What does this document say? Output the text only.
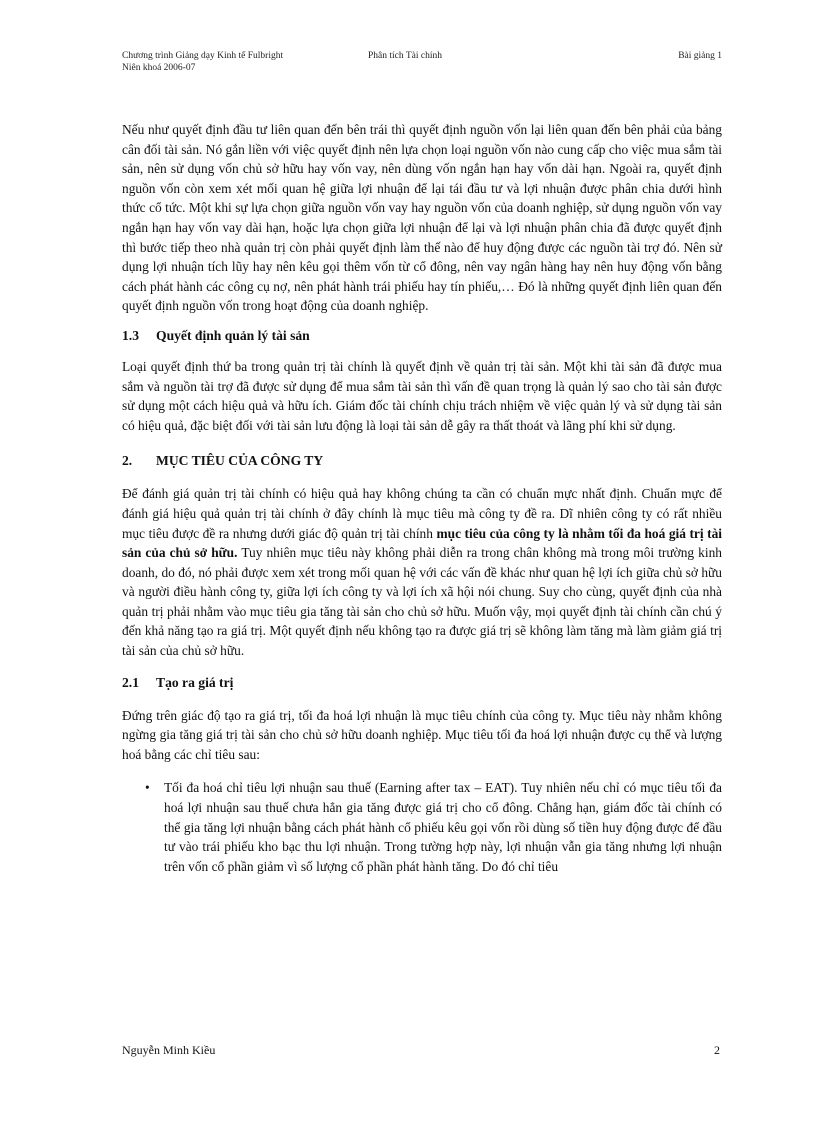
Chương trình Giảng dạy Kinh tế Fulbright	Phân tích Tài chính	Bài giảng 1
Niên khoá 2006-07

Nếu như quyết định đầu tư liên quan đến bên trái thì quyết định nguồn vốn lại liên quan đến bên phải của bảng cân đối tài sản. Nó gắn liền với việc quyết định nên lựa chọn loại nguồn vốn nào cung cấp cho việc mua sắm tài sản, nên sử dụng vốn chủ sở hữu hay vốn vay, nên dùng vốn ngắn hạn hay vốn dài hạn. Ngoài ra, quyết định nguồn vốn còn xem xét mối quan hệ giữa lợi nhuận để lại tái đầu tư và lợi nhuận được phân chia dưới hình thức cổ tức. Một khi sự lựa chọn giữa nguồn vốn vay hay nguồn vốn của doanh nghiệp, sử dụng nguồn vốn vay ngắn hạn hay vốn vay dài hạn, hoặc lựa chọn giữa lợi nhuận để lại và lợi nhuận phân chia đã được quyết định thì bước tiếp theo nhà quản trị còn phải quyết định làm thế nào để huy động được các nguồn tài trợ đó. Nên sử dụng lợi nhuận tích lũy hay nên kêu gọi thêm vốn từ cổ đông, nên vay ngân hàng hay nên huy động vốn bằng cách phát hành các công cụ nợ, nên phát hành trái phiếu hay tín phiếu,… Đó là những quyết định liên quan đến quyết định nguồn vốn trong hoạt động của doanh nghiệp.

1.3 Quyết định quản lý tài sản

Loại quyết định thứ ba trong quản trị tài chính là quyết định về quản trị tài sản. Một khi tài sản đã được mua sắm và nguồn tài trợ đã được sử dụng để mua sắm tài sản thì vấn đề quan trọng là quản lý sao cho tài sản được sử dụng một cách hiệu quả và hữu ích. Giám đốc tài chính chịu trách nhiệm về việc quản lý và sử dụng tài sản có hiệu quả, đặc biệt đối với tài sản lưu động là loại tài sản dễ gây ra thất thoát và lãng phí khi sử dụng.

2. MỤC TIÊU CỦA CÔNG TY

Để đánh giá quản trị tài chính có hiệu quả hay không chúng ta cần có chuẩn mực nhất định. Chuẩn mực để đánh giá hiệu quả quản trị tài chính ở đây chính là mục tiêu mà công ty đề ra. Dĩ nhiên công ty có rất nhiều mục tiêu được đề ra nhưng dưới giác độ quản trị tài chính mục tiêu của công ty là nhằm tối đa hoá giá trị tài sản của chủ sở hữu. Tuy nhiên mục tiêu này không phải diễn ra trong chân không mà trong môi trường kinh doanh, do đó, nó phải được xem xét trong mối quan hệ với các vấn đề khác như quan hệ lợi ích giữa chủ sở hữu và người điều hành công ty, giữa lợi ích công ty và lợi ích xã hội nói chung. Suy cho cùng, quyết định của nhà quản trị phải nhằm vào mục tiêu gia tăng tài sản cho chủ sở hữu. Muốn vậy, mọi quyết định tài chính cần chú ý đến khả năng tạo ra giá trị. Một quyết định nếu không tạo ra được giá trị sẽ không làm tăng mà làm giảm giá trị tài sản của chủ sở hữu.

2.1 Tạo ra giá trị

Đứng trên giác độ tạo ra giá trị, tối đa hoá lợi nhuận là mục tiêu chính của công ty. Mục tiêu này nhằm không ngừng gia tăng giá trị tài sản cho chủ sở hữu doanh nghiệp. Mục tiêu tối đa hoá lợi nhuận được cụ thể và lượng hoá bằng các chỉ tiêu sau:

• Tối đa hoá chỉ tiêu lợi nhuận sau thuế (Earning after tax – EAT). Tuy nhiên nếu chỉ có mục tiêu tối đa hoá lợi nhuận sau thuế chưa hẳn gia tăng được giá trị cho cổ đông. Chẳng hạn, giám đốc tài chính có thể gia tăng lợi nhuận bằng cách phát hành cổ phiếu kêu gọi vốn rồi dùng số tiền huy động được để đầu tư vào trái phiếu kho bạc thu lợi nhuận. Trong tường hợp này, lợi nhuận vẫn gia tăng nhưng lợi nhuận trên vốn cổ phần giảm vì số lượng cổ phần phát hành tăng. Do đó chỉ tiêu
Nguyễn Minh Kiều	2
